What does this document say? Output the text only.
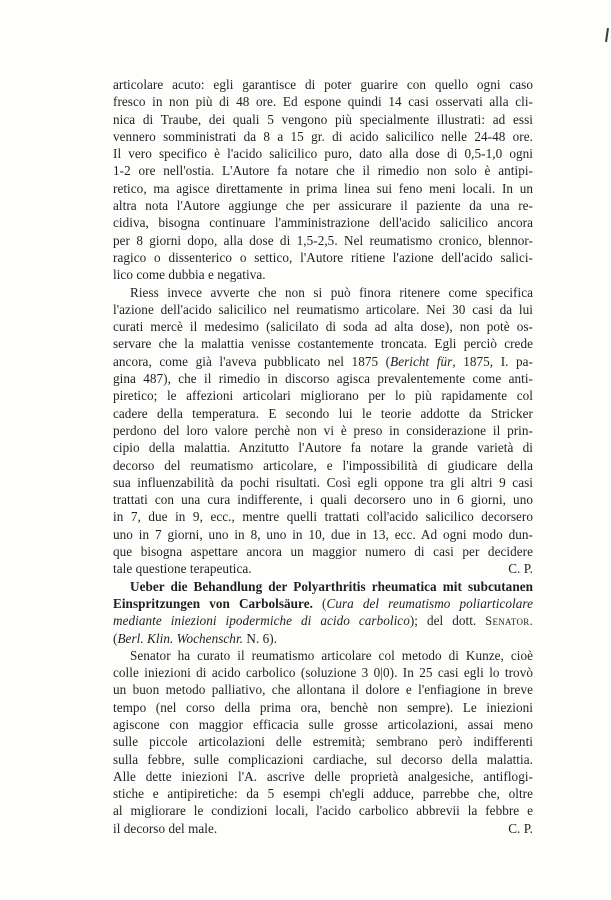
articolare acuto: egli garantisce di poter guarire con quello ogni caso
fresco in non più di 48 ore. Ed espone quindi 14 casi osservati alla cli-
nica di Traube, dei quali 5 vengono più specialmente illustrati: ad essi
vennero somministrati da 8 a 15 gr. di acido salicilico nelle 24-48 ore.
Il vero specifico è l'acido salicilico puro, dato alla dose di 0,5-1,0 ogni
1-2 ore nell'ostia. L'Autore fa notare che il rimedio non solo è antipi-
retico, ma agisce direttamente in prima linea sui feno meni locali. In un
altra nota l'Autore aggiunge che per assicurare il paziente da una re-
cidiva, bisogna continuare l'amministrazione dell'acido salicilico ancora
per 8 giorni dopo, alla dose di 1,5-2,5. Nel reumatismo cronico, blennor-
ragico o dissenterico o settico, l'Autore ritiene l'azione dell'acido salici-
lico come dubbia e negativa.
Riess invece avverte che non si può finora ritenere come specifica
l'azione dell'acido salicilico nel reumatismo articolare. Nei 30 casi da lui
curati mercè il medesimo (salicilato di soda ad alta dose), non potè os-
servare che la malattia venisse costantemente troncata. Egli perciò crede
ancora, come già l'aveva pubblicato nel 1875 (Bericht für, 1875, I. pa-
gina 487), che il rimedio in discorso agisca prevalentemente come anti-
piretico; le affezioni articolari migliorano per lo più rapidamente col
cadere della temperatura. E secondo lui le teorie addotte da Stricker
perdono del loro valore perchè non vi è preso in considerazione il prin-
cipio della malattia. Anzitutto l'Autore fa notare la grande varietà di
decorso del reumatismo articolare, e l'impossibilità di giudicare della
sua influenzabilità da pochi risultati. Così egli oppone tra gli altri 9 casi
trattati con una cura indifferente, i quali decorsero uno in 6 giorni, uno
in 7, due in 9, ecc., mentre quelli trattati coll'acido salicilico decorsero
uno in 7 giorni, uno in 8, uno in 10, due in 13, ecc. Ad ogni modo dun-
que bisogna aspettare ancora un maggior numero di casi per decidere
tale questione terapeutica.	C. P.
Ueber die Behandlung der Polyarthritis rheumatica mit subcutanen
Einspritzungen von Carbolsäure. (Cura del reumatismo poliarticolare
mediante iniezioni ipodermiche di acido carbolico); del dott. Senator.
(Berl. Klin. Wochenschr. N. 6).
Senator ha curato il reumatismo articolare col metodo di Kunze, cioè
colle iniezioni di acido carbolico (soluzione 3 0|0). In 25 casi egli lo trovò
un buon metodo palliativo, che allontana il dolore e l'enfiagione in breve
tempo (nel corso della prima ora, benchè non sempre). Le iniezioni
agiscone con maggior efficacia sulle grosse articolazioni, assai meno
sulle piccole articolazioni delle estremità; sembrano però indifferenti
sulla febbre, sulle complicazioni cardiache, sul decorso della malattia.
Alle dette iniezioni l'A. ascrive delle proprietà analgesiche, antiflogi-
stiche e antipiretiche: da 5 esempi ch'egli adduce, parrebbe che, oltre
al migliorare le condizioni locali, l'acido carbolico abbrevii la febbre e
il decorso del male.	C. P.
